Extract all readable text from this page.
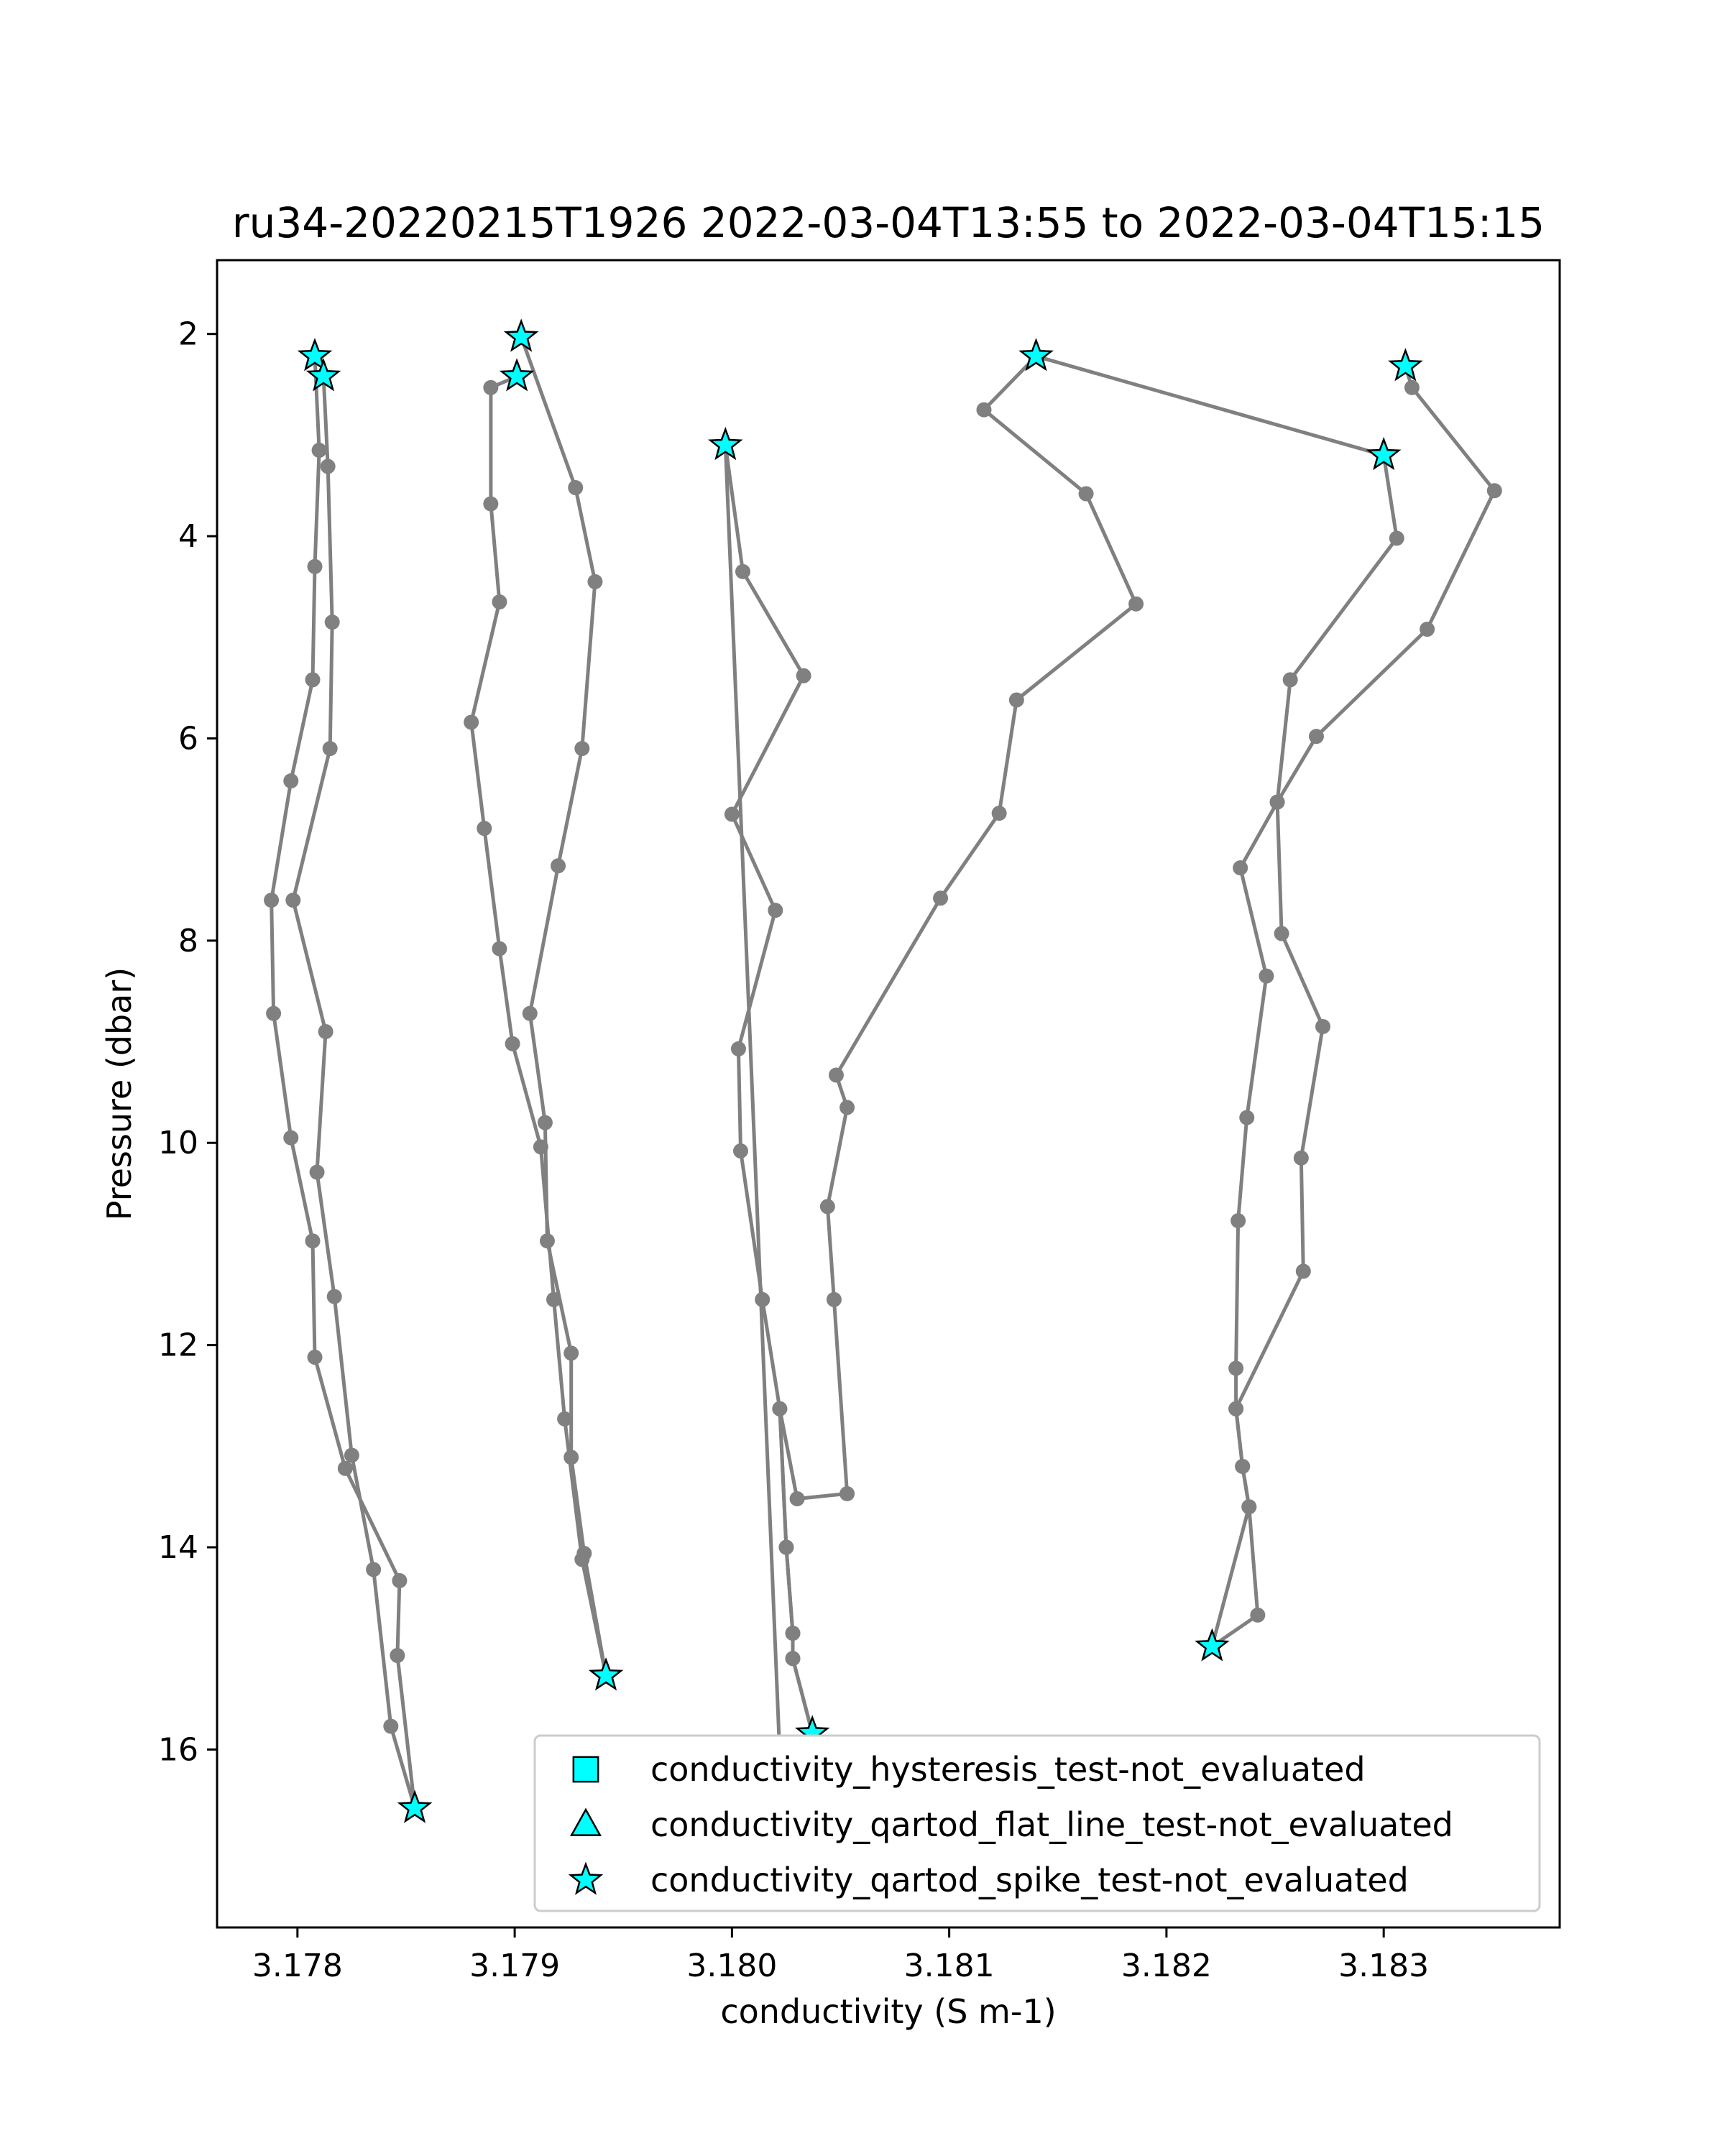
ru34-20220215T1926 2022-03-04T13:55 to 2022-03-04T15:15
3.178	3.179	3.180	3.181	3.182	3.183
2
4
6
8
10
12
14
16
conductivity (S m-1)
Pressure (dbar)
conductivity_hysteresis_test-not_evaluated
conductivity_qartod_flat_line_test-not_evaluated
conductivity_qartod_spike_test-not_evaluated
